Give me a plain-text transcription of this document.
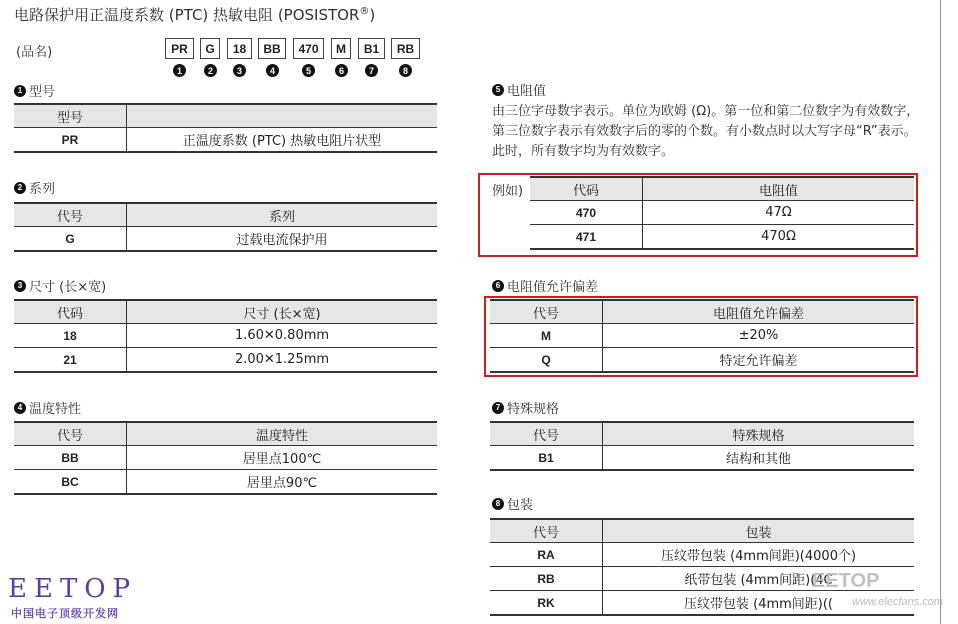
电路保护用正温度系数 (PTC) 热敏电阻 (POSISTOR®)
(品名)	PR	G	18	BB	470	M	B1	RB
1	2	3	4	5	6	7	8
1 型号
型号	
PR	正温度系数 (PTC) 热敏电阻片状型
2 系列
代号	系列
G	过载电流保护用
3 尺寸 (长×宽)
代码	尺寸 (长×宽)
18	1.60✕0.80mm
21	2.00✕1.25mm
4 温度特性
代号	温度特性
BB	居里点100℃
BC	居里点90℃
5 电阻值
由三位字母数字表示。单位为欧姆 (Ω)。第一位和第二位数字为有效数字，第三位数字表示有效数字后的零的个数。有小数点时以大写字母“R”表示。此时，所有数字均为有效数字。
例如)	代码	电阻值
470	47Ω
471	470Ω
6 电阻值允许偏差
代号	电阻值允许偏差
M	±20%
Q	特定允许偏差
7 特殊规格
代号	特殊规格
B1	结构和其他
8 包装
代号	包装
RA	压纹带包装 (4mm间距)(4000个)
RB	纸带包装 (4mm间距)(4C
RK	压纹带包装 (4mm间距)((
EETOP
中国电子顶级开发网
EETOP
www.elecfans.com
